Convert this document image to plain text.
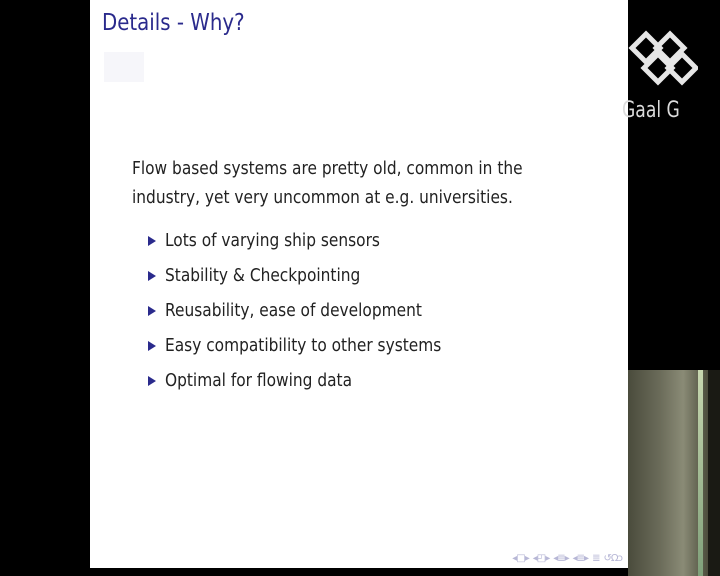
Details - Why?
Flow based systems are pretty old, common in the industry, yet very uncommon at e.g. universities.
Lots of varying ship sensors
Stability & Checkpointing
Reusability, ease of development
Easy compatibility to other systems
Optimal for flowing data
◂□▸ ◂◰▸ ◂≣▸ ◂≣▸ ≣ ↺Ωᴐ
Gaal G
